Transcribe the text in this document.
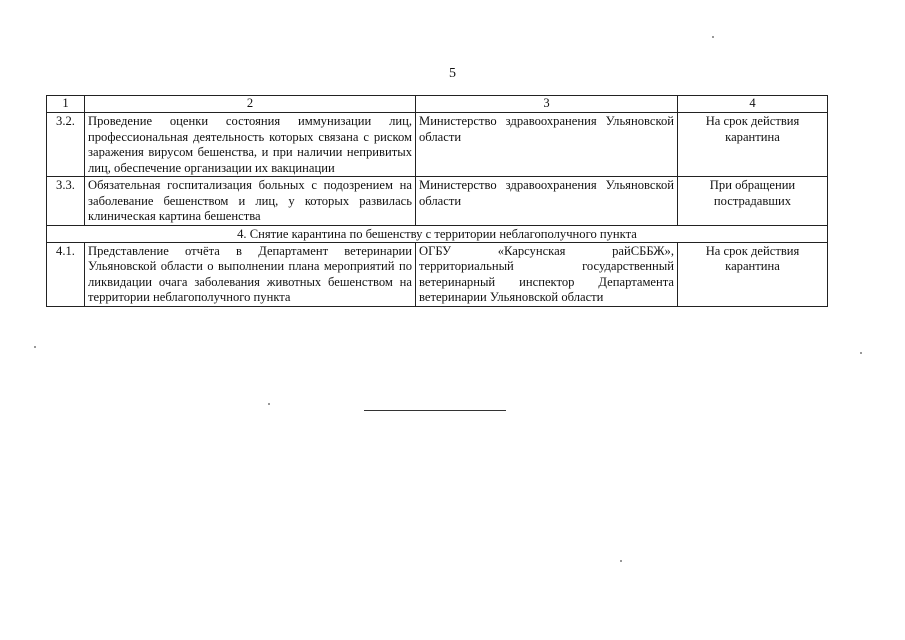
5
1	2	3	4
3.2.	Проведение оценки состояния иммунизации лиц, профессиональная деятельность которых связана с риском заражения вирусом бешенства, и при наличии непривитых лиц, обеспечение организации их вакцинации	Министерство здравоохранения Ульяновской области	На срок действия карантина
3.3.	Обязательная госпитализация больных с подозрением на заболевание бешенством и лиц, у которых развилась клиническая картина бешенства	Министерство здравоохранения Ульяновской области	При обращении пострадавших
4. Снятие карантина по бешенству с территории неблагополучного пункта			
4.1.	Представление отчёта в Департамент ветеринарии Ульяновской области о выполнении плана мероприятий по ликвидации очага заболевания животных бешенством на территории неблагополучного пункта	ОГБУ «Карсунская райСББЖ», территориальный государственный ветеринарный инспектор Департамента ветеринарии Ульяновской области	На срок действия карантина
